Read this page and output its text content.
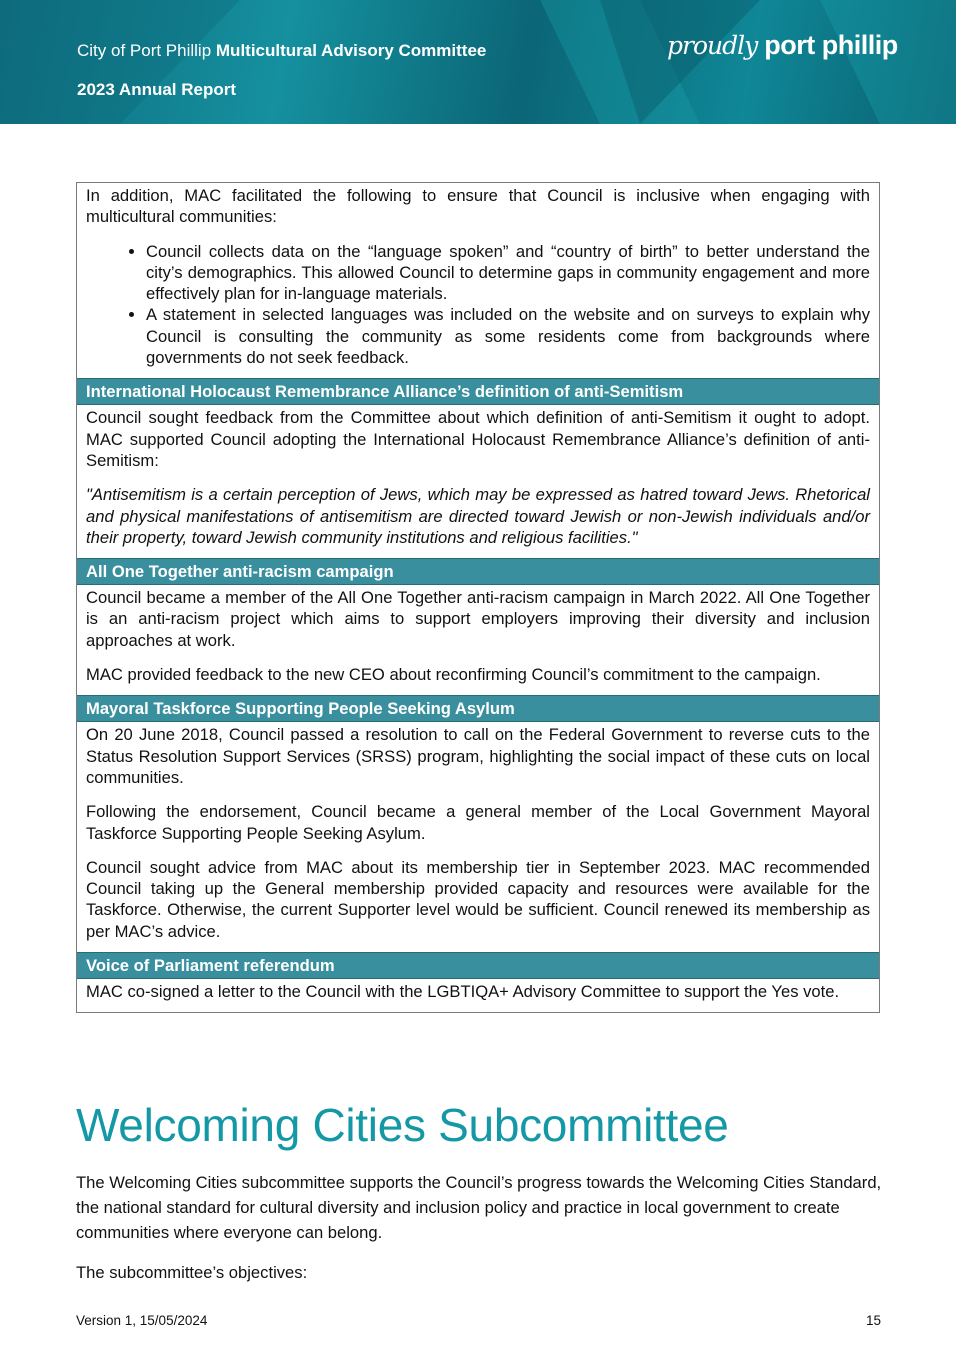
City of Port Phillip Multicultural Advisory Committee
2023 Annual Report
proudly port phillip

In addition, MAC facilitated the following to ensure that Council is inclusive when engaging with multicultural communities:

• Council collects data on the “language spoken” and “country of birth” to better understand the city’s demographics. This allowed Council to determine gaps in community engagement and more effectively plan for in-language materials.
• A statement in selected languages was included on the website and on surveys to explain why Council is consulting the community as some residents come from backgrounds where governments do not seek feedback.
International Holocaust Remembrance Alliance’s definition of anti-Semitism

Council sought feedback from the Committee about which definition of anti-Semitism it ought to adopt. MAC supported Council adopting the International Holocaust Remembrance Alliance’s definition of anti-Semitism:

"Antisemitism is a certain perception of Jews, which may be expressed as hatred toward Jews. Rhetorical and physical manifestations of antisemitism are directed toward Jewish or non-Jewish individuals and/or their property, toward Jewish community institutions and religious facilities."

All One Together anti-racism campaign

Council became a member of the All One Together anti-racism campaign in March 2022. All One Together is an anti-racism project which aims to support employers improving their diversity and inclusion approaches at work.

MAC provided feedback to the new CEO about reconfirming Council’s commitment to the campaign.

Mayoral Taskforce Supporting People Seeking Asylum

On 20 June 2018, Council passed a resolution to call on the Federal Government to reverse cuts to the Status Resolution Support Services (SRSS) program, highlighting the social impact of these cuts on local communities.

Following the endorsement, Council became a general member of the Local Government Mayoral Taskforce Supporting People Seeking Asylum.

Council sought advice from MAC about its membership tier in September 2023. MAC recommended Council taking up the General membership provided capacity and resources were available for the Taskforce. Otherwise, the current Supporter level would be sufficient. Council renewed its membership as per MAC’s advice.

Voice of Parliament referendum

MAC co-signed a letter to the Council with the LGBTIQA+ Advisory Committee to support the Yes vote.

Welcoming Cities Subcommittee

The Welcoming Cities subcommittee supports the Council’s progress towards the Welcoming Cities Standard, the national standard for cultural diversity and inclusion policy and practice in local government to create communities where everyone can belong.

The subcommittee’s objectives:

Version 1, 15/05/2024	15
